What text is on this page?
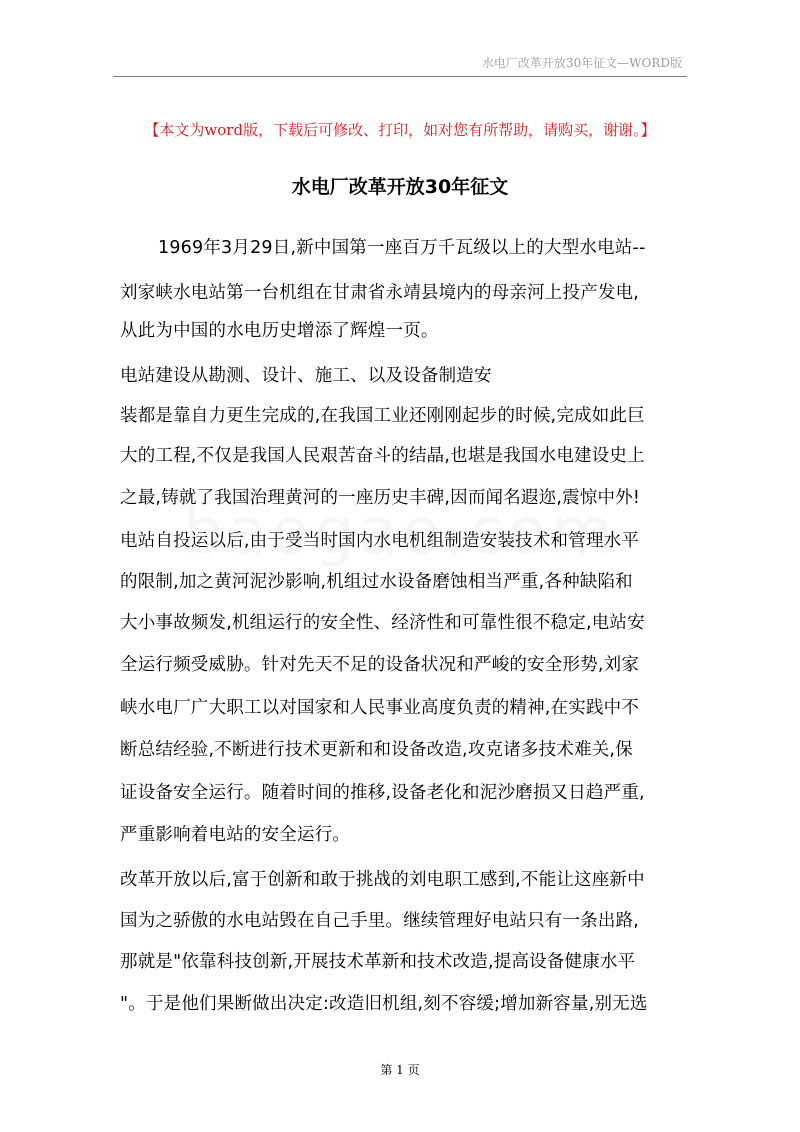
水电厂改革开放30年征文—WORD版
【本文为word版，下载后可修改、打印，如对您有所帮助，请购买，谢谢。】
水电厂改革开放30年征文
1969年3月29日,新中国第一座百万千瓦级以上的大型水电站--
刘家峡水电站第一台机组在甘肃省永靖县境内的母亲河上投产发电,
从此为中国的水电历史增添了辉煌一页。
电站建设从勘测、设计、施工、以及设备制造安
装都是靠自力更生完成的,在我国工业还刚刚起步的时候,完成如此巨
大的工程,不仅是我国人民艰苦奋斗的结晶,也堪是我国水电建设史上
之最,铸就了我国治理黄河的一座历史丰碑,因而闻名遐迩,震惊中外!
电站自投运以后,由于受当时国内水电机组制造安装技术和管理水平
的限制,加之黄河泥沙影响,机组过水设备磨蚀相当严重,各种缺陷和
大小事故频发,机组运行的安全性、经济性和可靠性很不稳定,电站安
全运行频受威胁。针对先天不足的设备状况和严峻的安全形势,刘家
峡水电厂广大职工以对国家和人民事业高度负责的精神,在实践中不
断总结经验,不断进行技术更新和和设备改造,攻克诸多技术难关,保
证设备安全运行。随着时间的推移,设备老化和泥沙磨损又日趋严重,
严重影响着电站的安全运行。
改革开放以后,富于创新和敢于挑战的刘电职工感到,不能让这座新中
国为之骄傲的水电站毁在自己手里。继续管理好电站只有一条出路,
那就是"依靠科技创新,开展技术革新和技术改造,提高设备健康水平
"。于是他们果断做出决定:改造旧机组,刻不容缓;增加新容量,别无选
第 1 页
